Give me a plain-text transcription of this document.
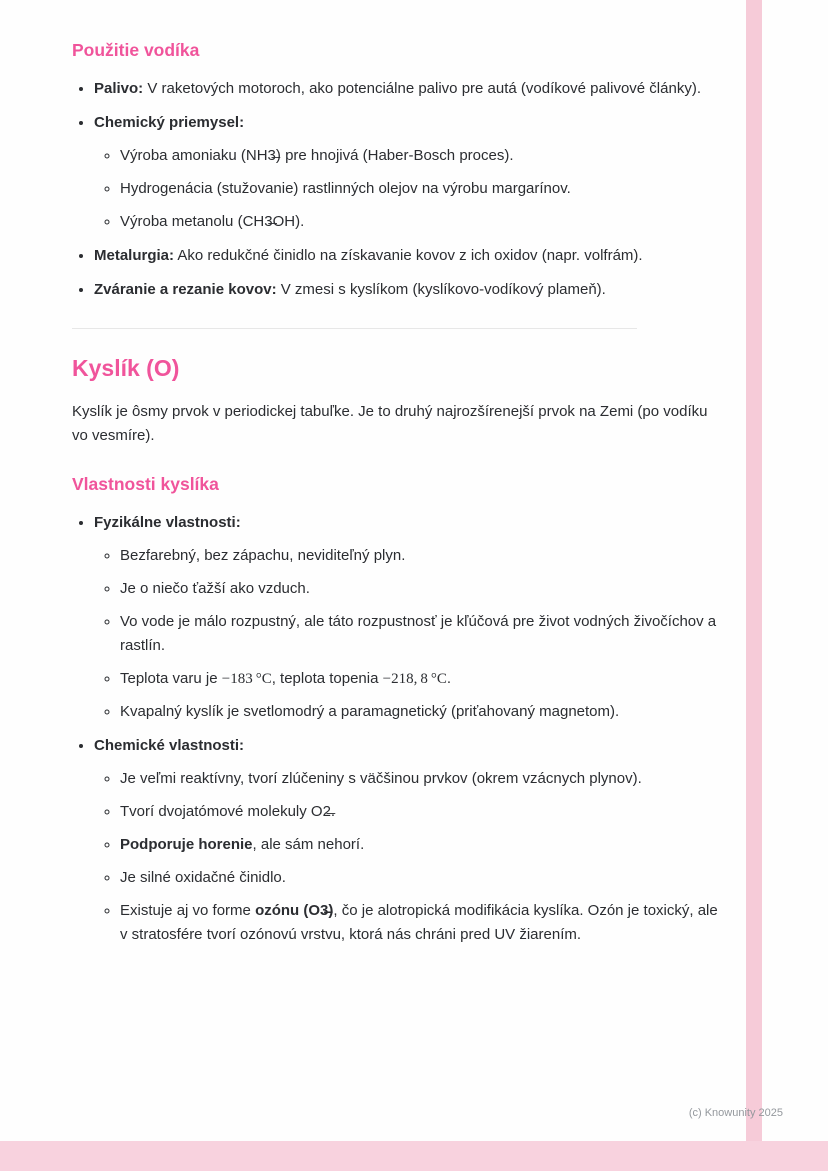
Použitie vodíka
• Palivo: V raketových motoroch, ako potenciálne palivo pre autá (vodíkové palivové články).
• Chemický priemysel:
◦ Výroba amoniaku (NH3̶) pre hnojivá (Haber-Bosch proces).
◦ Hydrogenácia (stužovanie) rastlinných olejov na výrobu margarínov.
◦ Výroba metanolu (CH3̶OH).
• Metalurgia: Ako redukčné činidlo na získavanie kovov z ich oxidov (napr. volfrám).
• Zváranie a rezanie kovov: V zmesi s kyslíkom (kyslíkovo-vodíkový plameň).
Kyslík (O)

Kyslík je ôsmy prvok v periodickej tabuľke. Je to druhý najrozšírenejší prvok na Zemi (po vodíku vo vesmíre).

Vlastnosti kyslíka
• Fyzikálne vlastnosti:
◦ Bezfarebný, bez zápachu, neviditeľný plyn.
◦ Je o niečo ťažší ako vzduch.
◦ Vo vode je málo rozpustný, ale táto rozpustnosť je kľúčová pre život vodných živočíchov a rastlín.
◦ Teplota varu je −183 °C, teplota topenia −218, 8 °C.
◦ Kvapalný kyslík je svetlomodrý a paramagnetický (priťahovaný magnetom).
• Chemické vlastnosti:
◦ Je veľmi reaktívny, tvorí zlúčeniny s väčšinou prvkov (okrem vzácnych plynov).
◦ Tvorí dvojatómové molekuly O2̶.
◦ Podporuje horenie, ale sám nehorí.
◦ Je silné oxidačné činidlo.
◦ Existuje aj vo forme ozónu (O3̶), čo je alotropická modifikácia kyslíka. Ozón je toxický, ale v stratosfére tvorí ozónovú vrstvu, ktorá nás chráni pred UV žiarením.
(c) Knowunity 2025
